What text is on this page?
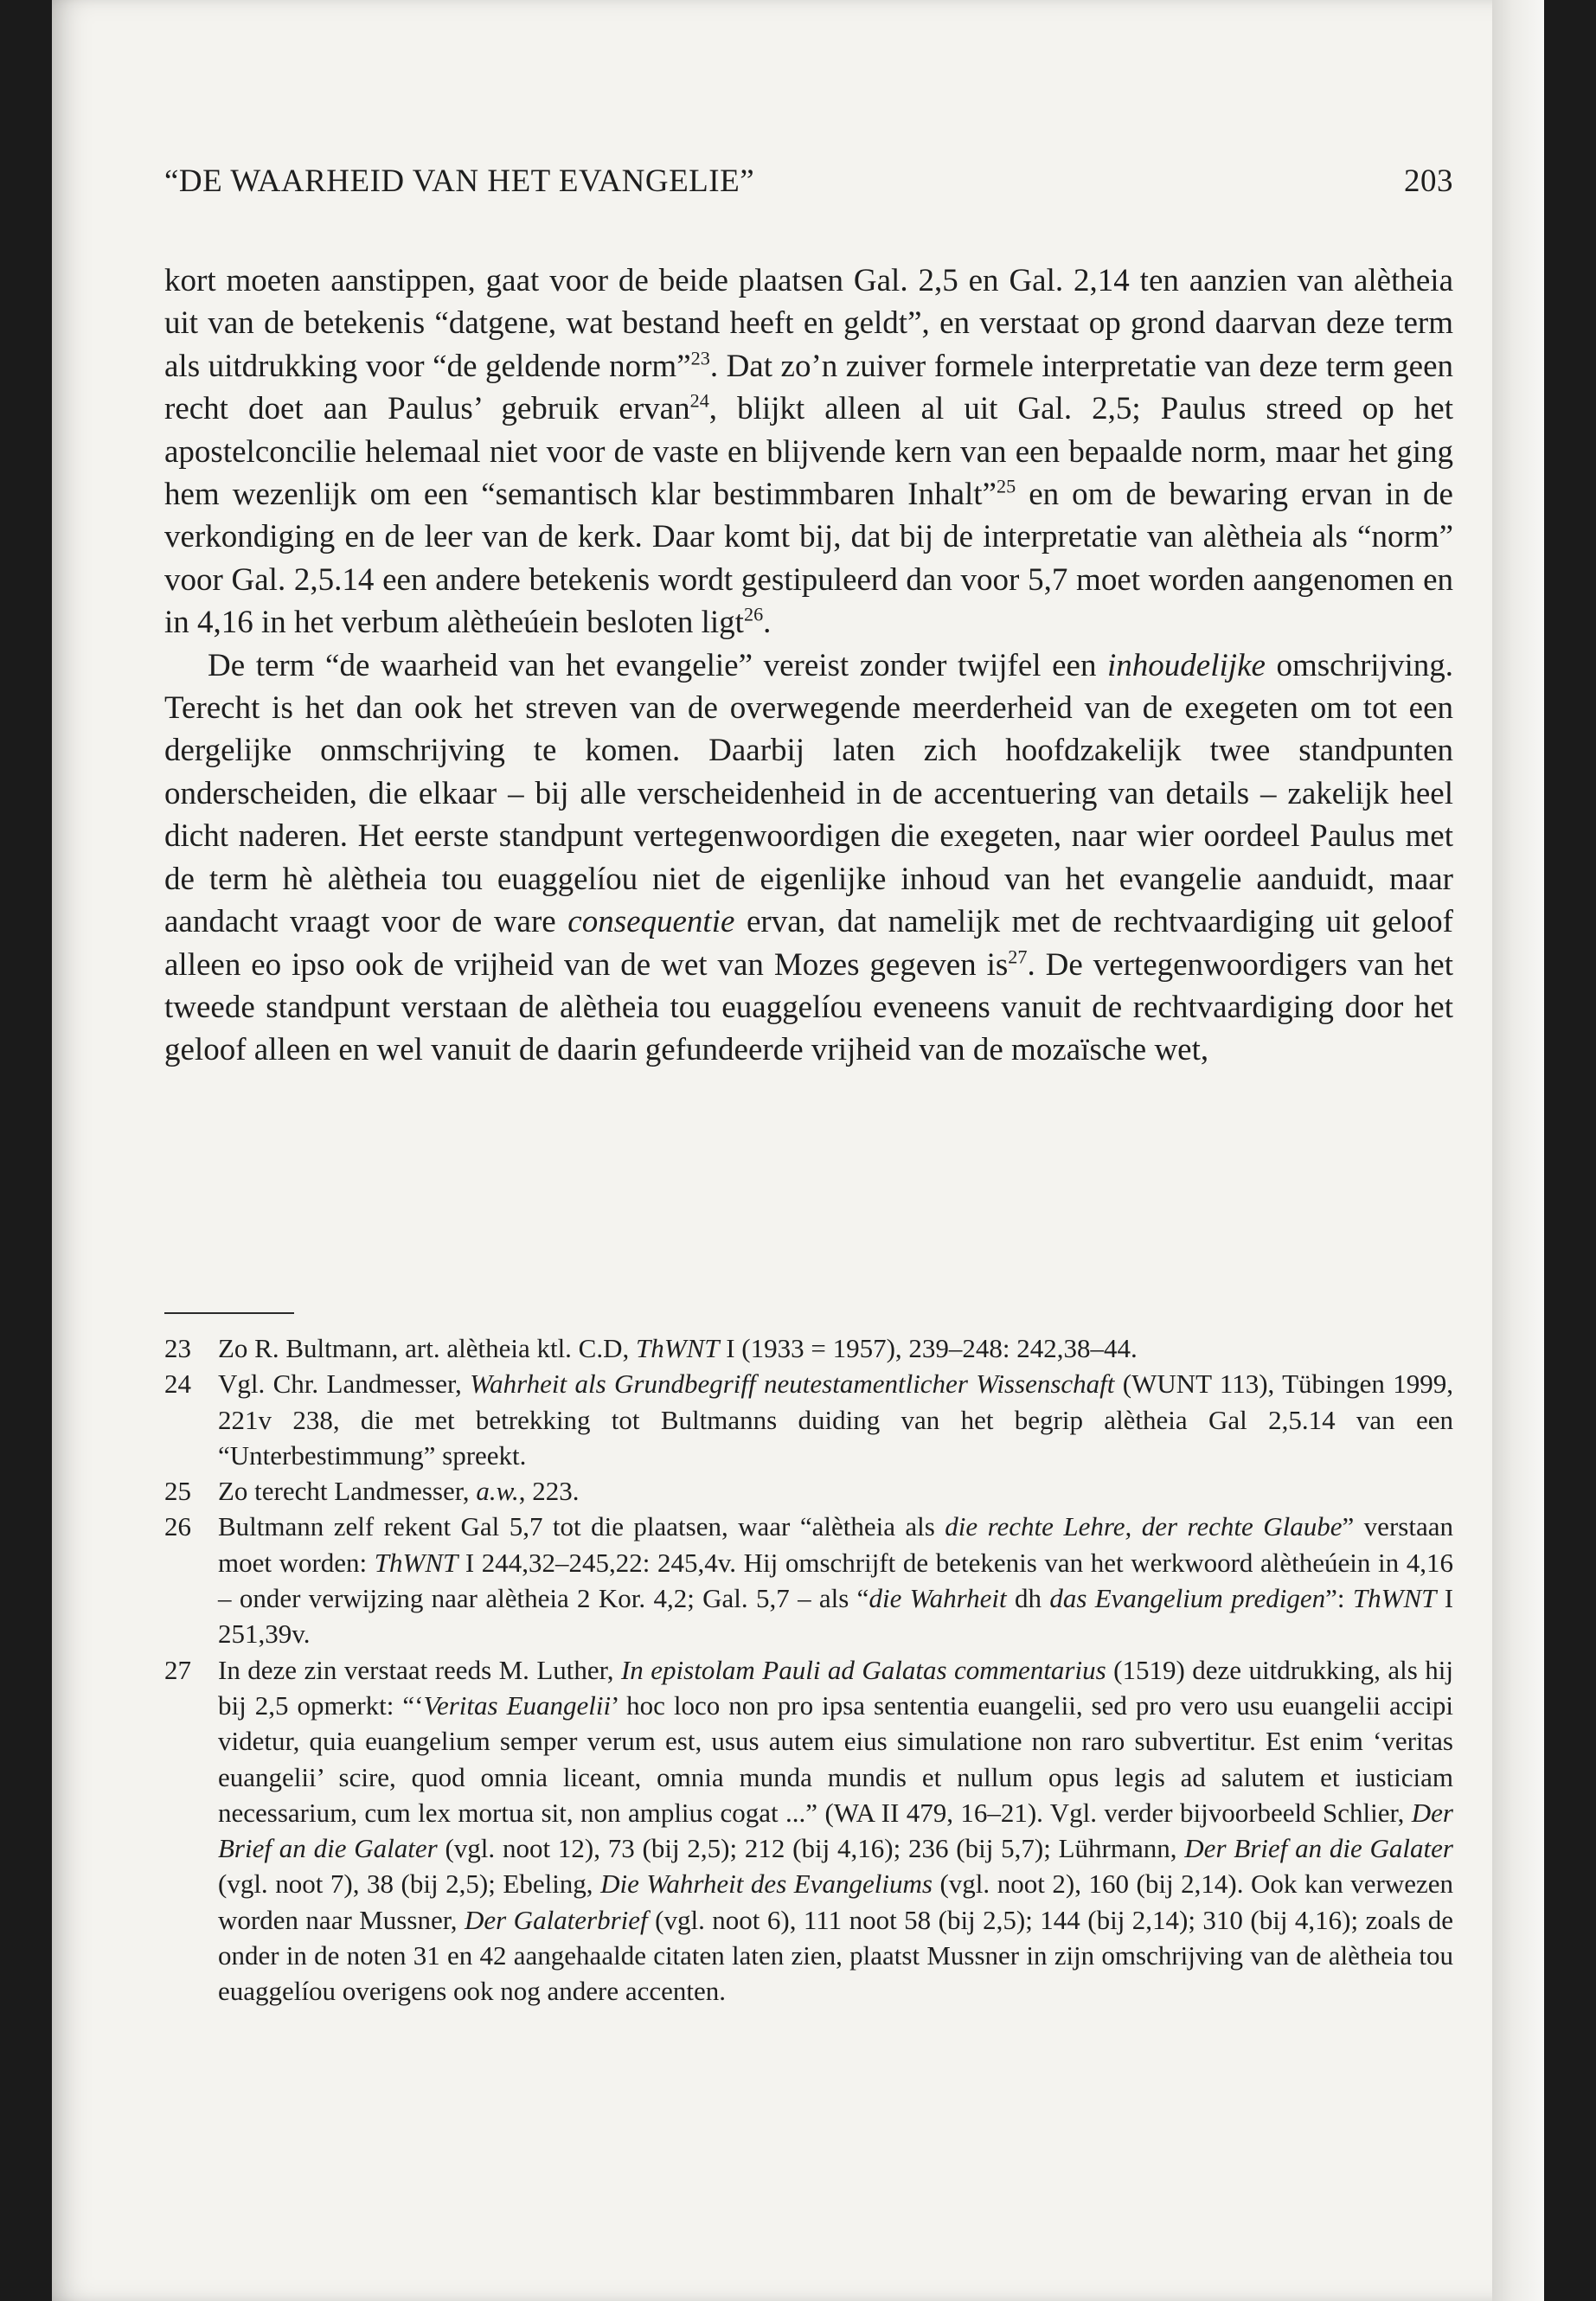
“DE WAARHEID VAN HET EVANGELIE”	203

kort moeten aanstippen, gaat voor de beide plaatsen Gal. 2,5 en Gal. 2,14 ten aanzien van alètheia uit van de betekenis “datgene, wat bestand heeft en geldt”, en verstaat op grond daarvan deze term als uitdrukking voor “de geldende norm”$^{23}$. Dat zo’n zuiver formele interpretatie van deze term geen recht doet aan Paulus’ gebruik ervan$^{24}$, blijkt alleen al uit Gal. 2,5; Paulus streed op het apostelconcilie helemaal niet voor de vaste en blijvende kern van een bepaalde norm, maar het ging hem wezenlijk om een “semantisch klar bestimmbaren Inhalt”$^{25}$ en om de bewaring ervan in de verkondiging en de leer van de kerk. Daar komt bij, dat bij de interpretatie van alètheia als “norm” voor Gal. 2,5.14 een andere betekenis wordt gestipuleerd dan voor 5,7 moet worden aangenomen en in 4,16 in het verbum alètheúein besloten ligt$^{26}$.

De term “de waarheid van het evangelie” vereist zonder twijfel een inhoudelijke omschrijving. Terecht is het dan ook het streven van de overwegende meerderheid van de exegeten om tot een dergelijke onmschrijving te komen. Daarbij laten zich hoofdzakelijk twee standpunten onderscheiden, die elkaar – bij alle verscheidenheid in de accentuering van details – zakelijk heel dicht naderen. Het eerste standpunt vertegenwoordigen die exegeten, naar wier oordeel Paulus met de term hè alètheia tou euaggelíou niet de eigenlijke inhoud van het evangelie aanduidt, maar aandacht vraagt voor de ware consequentie ervan, dat namelijk met de rechtvaardiging uit geloof alleen eo ipso ook de vrijheid van de wet van Mozes gegeven $is^{27}$. De vertegenwoordigers van het tweede standpunt verstaan de alètheia tou euaggelíou eveneens vanuit de rechtvaardiging door het geloof alleen en wel vanuit de daarin gefundeerde vrijheid van de mozaïsche wet,

23	Zo R. Bultmann, art. alètheia ktl. C.D, ThWNT I (1933 = 1957), 239–248: 242,38–44.
24	Vgl. Chr. Landmesser, Wahrheit als Grundbegriff neutestamentlicher Wissenschaft (WUNT 113), Tübingen 1999, 221v 238, die met betrekking tot Bultmanns duiding van het begrip alètheia Gal 2,5.14 van een “Unterbestimmung” spreekt.
25	Zo terecht Landmesser, a.w., 223.
26	Bultmann zelf rekent Gal 5,7 tot die plaatsen, waar “alètheia als die rechte Lehre, der rechte Glaube” verstaan moet worden: ThWNT I 244,32–245,22: 245,4v. Hij omschrijft de betekenis van het werkwoord alètheúein in 4,16 – onder verwijzing naar alètheia 2 Kor. 4,2; Gal. 5,7 – als “die Wahrheit dh das Evangelium predigen”: ThWNT I 251,39v.
27	In deze zin verstaat reeds M. Luther, In epistolam Pauli ad Galatas commentarius (1519) deze uitdrukking, als hij bij 2,5 opmerkt: “‘Veritas Euangelii’ hoc loco non pro ipsa sententia euangelii, sed pro vero usu euangelii accipi videtur, quia euangelium semper verum est, usus autem eius simulatione non raro subvertitur. Est enim ‘veritas euangelii’ scire, quod omnia liceant, omnia munda mundis et nullum opus legis ad salutem et iusticiam necessarium, cum lex mortua sit, non amplius cogat ...” (WA II 479, 16–21). Vgl. verder bijvoorbeeld Schlier, Der Brief an die Galater (vgl. noot 12), 73 (bij 2,5); 212 (bij 4,16); 236 (bij 5,7); Lührmann, Der Brief an die Galater (vgl. noot 7), 38 (bij 2,5); Ebeling, Die Wahrheit des Evangeliums (vgl. noot 2), 160 (bij 2,14). Ook kan verwezen worden naar Mussner, Der Galaterbrief (vgl. noot 6), 111 noot 58 (bij 2,5); 144 (bij 2,14); 310 (bij 4,16); zoals de onder in de noten 31 en 42 aangehaalde citaten laten zien, plaatst Mussner in zijn omschrijving van de alètheia tou euaggelíou overigens ook nog andere accenten.
